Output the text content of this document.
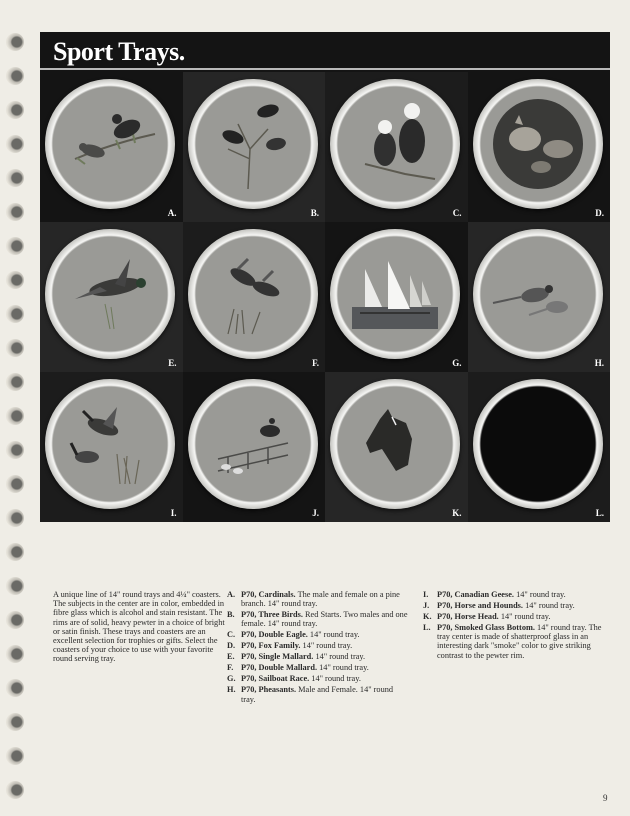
Sport Trays.
A.	B.	C.	D.
E.	F.	G.	H.
I.	J.	K.	L.
A unique line of 14" round trays and 4¼" coasters. The subjects in the center are in color, embedded in fibre glass which is alcohol and stain resistant. The rims are of solid, heavy pewter in a choice of bright or satin finish. These trays and coasters are an excellent selection for trophies or gifts. Select the coasters of your choice to use with your favorite round serving tray.
A. P70, Cardinals. The male and female on a pine branch. 14" round tray.
B. P70, Three Birds. Red Starts. Two males and one female. 14" round tray.
C. P70, Double Eagle. 14" round tray.
D. P70, Fox Family. 14" round tray.
E. P70, Single Mallard. 14" round tray.
F. P70, Double Mallard. 14" round tray.
G. P70, Sailboat Race. 14" round tray.
H. P70, Pheasants. Male and Female. 14" round tray.
I. P70, Canadian Geese. 14" round tray.
J. P70, Horse and Hounds. 14" round tray.
K. P70, Horse Head. 14" round tray.
L. P70, Smoked Glass Bottom. 14" round tray. The tray center is made of shatterproof glass in an interesting dark "smoke" color to give striking contrast to the pewter rim.
9
